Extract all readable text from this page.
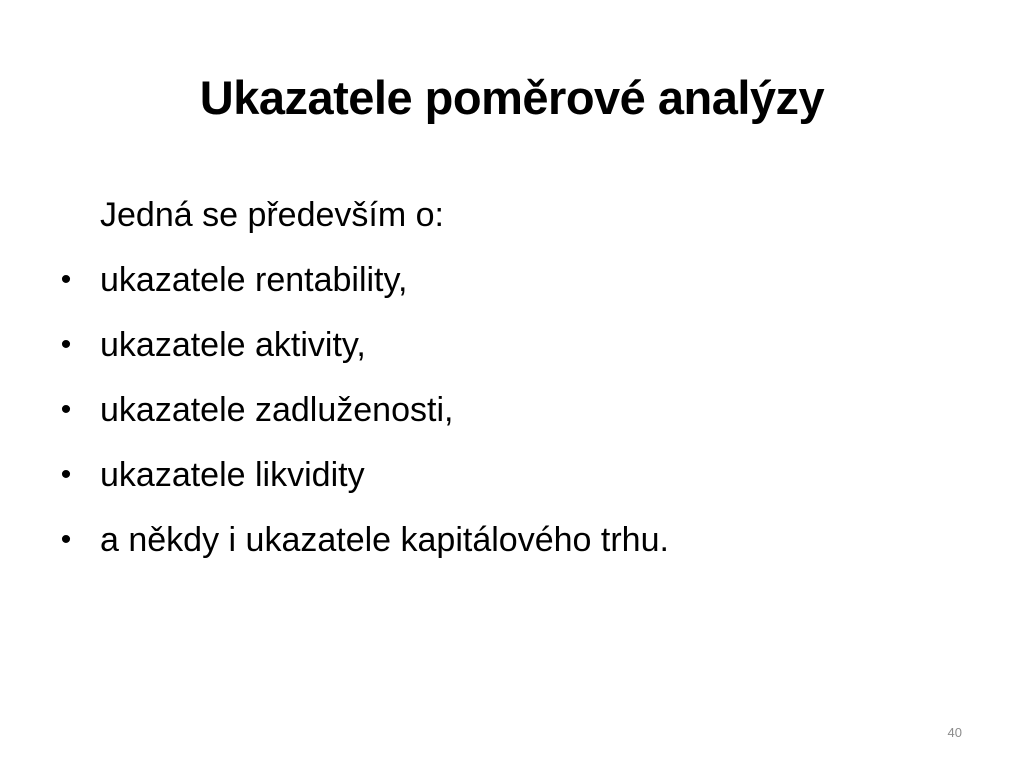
Ukazatele poměrové analýzy
Jedná se především o:
• ukazatele rentability,
• ukazatele aktivity,
• ukazatele zadluženosti,
• ukazatele likvidity
• a někdy i ukazatele kapitálového trhu.
40
